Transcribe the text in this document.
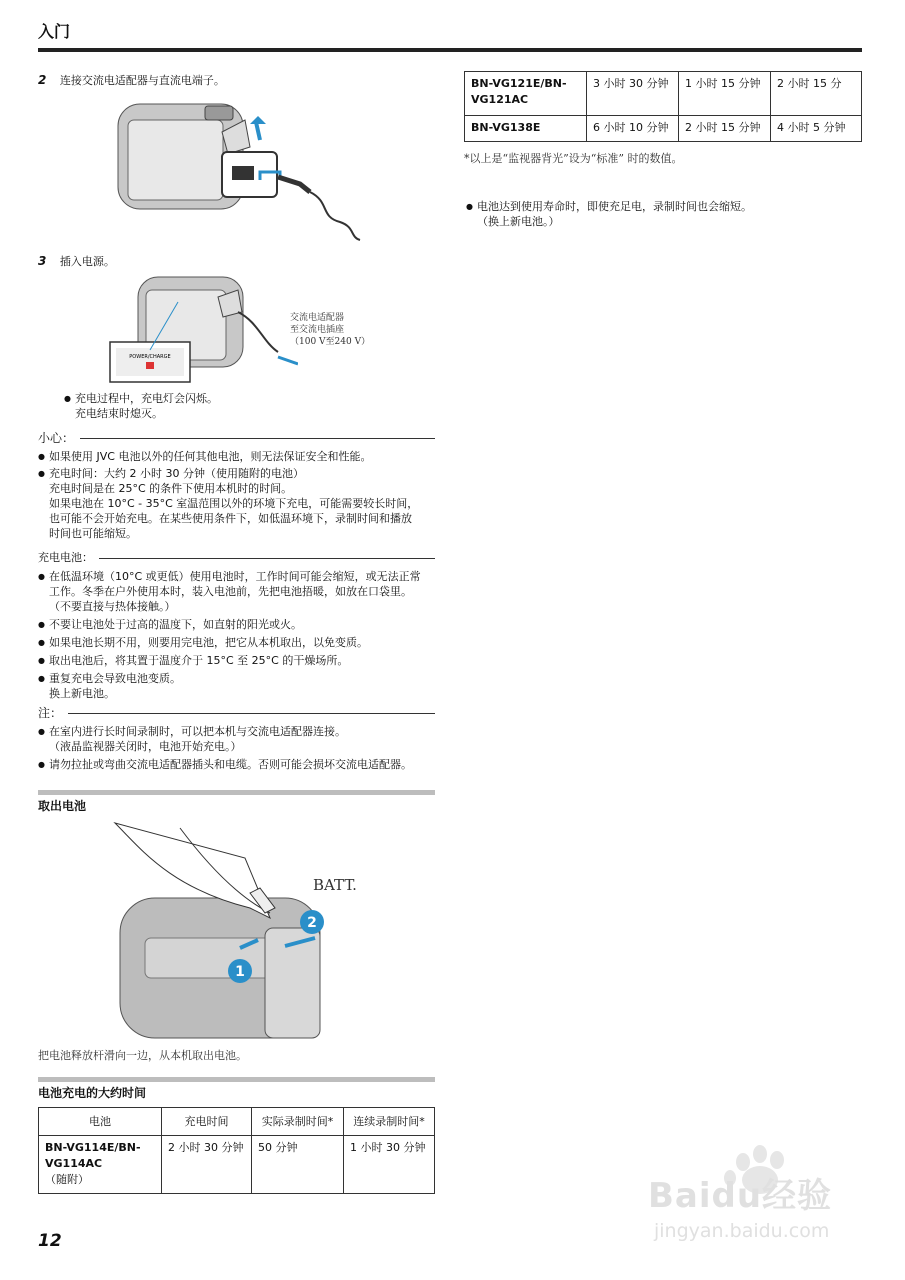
入门
2 连接交流电适配器与直流电端子。
3 插入电源。
POWER/CHARGE
交流电适配器
至交流电插座
（100 V至240 V）
● 充电过程中，充电灯会闪烁。
充电结束时熄灭。
小心：
● 如果使用 JVC 电池以外的任何其他电池，则无法保证安全和性能。
● 充电时间：大约 2 小时 30 分钟（使用随附的电池）
充电时间是在 25°C 的条件下使用本机时的时间。
如果电池在 10°C - 35°C 室温范围以外的环境下充电，可能需要较长时间，
也可能不会开始充电。在某些使用条件下，如低温环境下，录制时间和播放
时间也可能缩短。
充电电池：
● 在低温环境（10°C 或更低）使用电池时，工作时间可能会缩短，或无法正常
工作。冬季在户外使用本时，装入电池前，先把电池捂暖，如放在口袋里。
（不要直接与热体接触。）
● 不要让电池处于过高的温度下，如直射的阳光或火。
● 如果电池长期不用，则要用完电池，把它从本机取出，以免变质。
● 取出电池后，将其置于温度介于 15°C 至 25°C 的干燥场所。
● 重复充电会导致电池变质。
换上新电池。
注：
● 在室内进行长时间录制时，可以把本机与交流电适配器连接。
（液晶监视器关闭时，电池开始充电。）
● 请勿拉扯或弯曲交流电适配器插头和电缆。否则可能会损坏交流电适配器。
取出电池
BATT.
1
2
把电池释放杆滑向一边，从本机取出电池。
电池充电的大约时间
电池	充电时间	实际录制时间*	连续录制时间*

BN-VG114E/BN-
VG114AC
（随附）	2 小时 30 分钟	50 分钟	1 小时 30 分钟
BN-VG121E/BN-
VG121AC	3 小时 30 分钟	1 小时 15 分钟	2 小时 15 分

BN-VG138E	6 小时 10 分钟	2 小时 15 分钟	4 小时 5 分钟
*以上是“监视器背光”设为“标准” 时的数值。
● 电池达到使用寿命时，即使充足电，录制时间也会缩短。
（换上新电池。）
12
Baidu经验
jingyan.baidu.com
